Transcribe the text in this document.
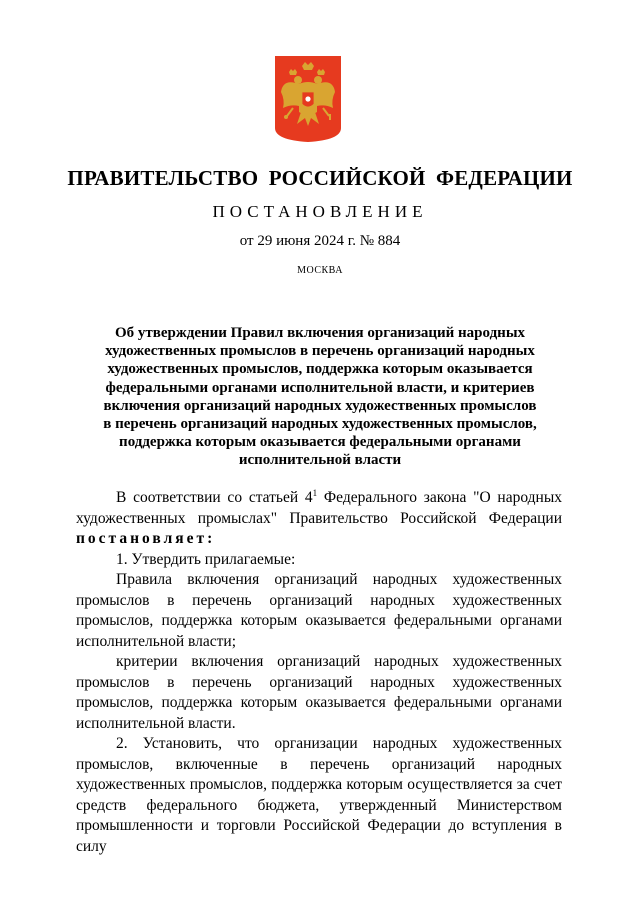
ПРАВИТЕЛЬСТВО РОССИЙСКОЙ ФЕДЕРАЦИИ
ПОСТАНОВЛЕНИЕ
от 29 июня 2024 г. № 884
МОСКВА
Об утверждении Правил включения организаций народных
художественных промыслов в перечень организаций народных
художественных промыслов, поддержка которым оказывается
федеральными органами исполнительной власти, и критериев
включения организаций народных художественных промыслов
в перечень организаций народных художественных промыслов,
поддержка которым оказывается федеральными органами
исполнительной власти

В соответствии со статьей $4^1$ Федерального закона "О народных художественных промыслах" Правительство Российской Федерации постановляет:

1. Утвердить прилагаемые:

Правила включения организаций народных художественных промыслов в перечень организаций народных художественных промыслов, поддержка которым оказывается федеральными органами исполнительной власти;

критерии включения организаций народных художественных промыслов в перечень организаций народных художественных промыслов, поддержка которым оказывается федеральными органами исполнительной власти.

2. Установить, что организации народных художественных промыслов, включенные в перечень организаций народных художественных промыслов, поддержка которым осуществляется за счет средств федерального бюджета, утвержденный Министерством промышленности и торговли Российской Федерации до вступления в силу
